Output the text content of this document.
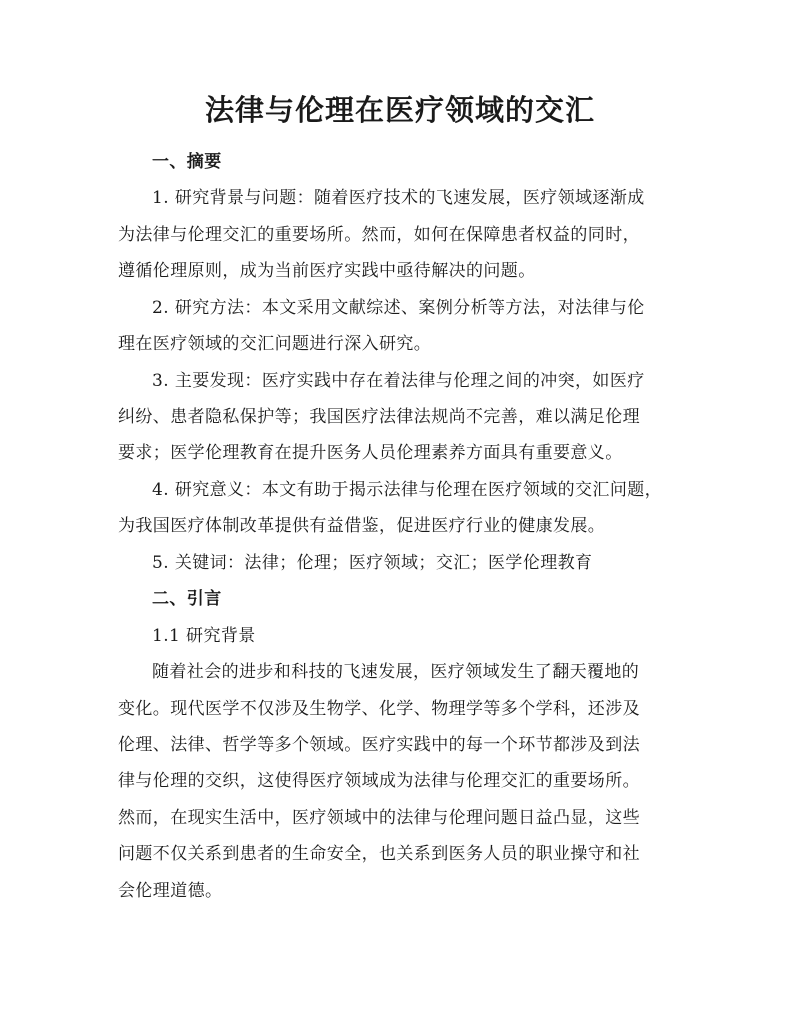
法律与伦理在医疗领域的交汇
一、摘要
1. 研究背景与问题：随着医疗技术的飞速发展，医疗领域逐渐成
为法律与伦理交汇的重要场所。然而，如何在保障患者权益的同时，
遵循伦理原则，成为当前医疗实践中亟待解决的问题。
2. 研究方法：本文采用文献综述、案例分析等方法，对法律与伦
理在医疗领域的交汇问题进行深入研究。
3. 主要发现：医疗实践中存在着法律与伦理之间的冲突，如医疗
纠纷、患者隐私保护等；我国医疗法律法规尚不完善，难以满足伦理
要求；医学伦理教育在提升医务人员伦理素养方面具有重要意义。
4. 研究意义：本文有助于揭示法律与伦理在医疗领域的交汇问题，
为我国医疗体制改革提供有益借鉴，促进医疗行业的健康发展。
5. 关键词：法律；伦理；医疗领域；交汇；医学伦理教育
二、引言
1.1 研究背景
随着社会的进步和科技的飞速发展，医疗领域发生了翻天覆地的
变化。现代医学不仅涉及生物学、化学、物理学等多个学科，还涉及
伦理、法律、哲学等多个领域。医疗实践中的每一个环节都涉及到法
律与伦理的交织，这使得医疗领域成为法律与伦理交汇的重要场所。
然而，在现实生活中，医疗领域中的法律与伦理问题日益凸显，这些
问题不仅关系到患者的生命安全，也关系到医务人员的职业操守和社
会伦理道德。
